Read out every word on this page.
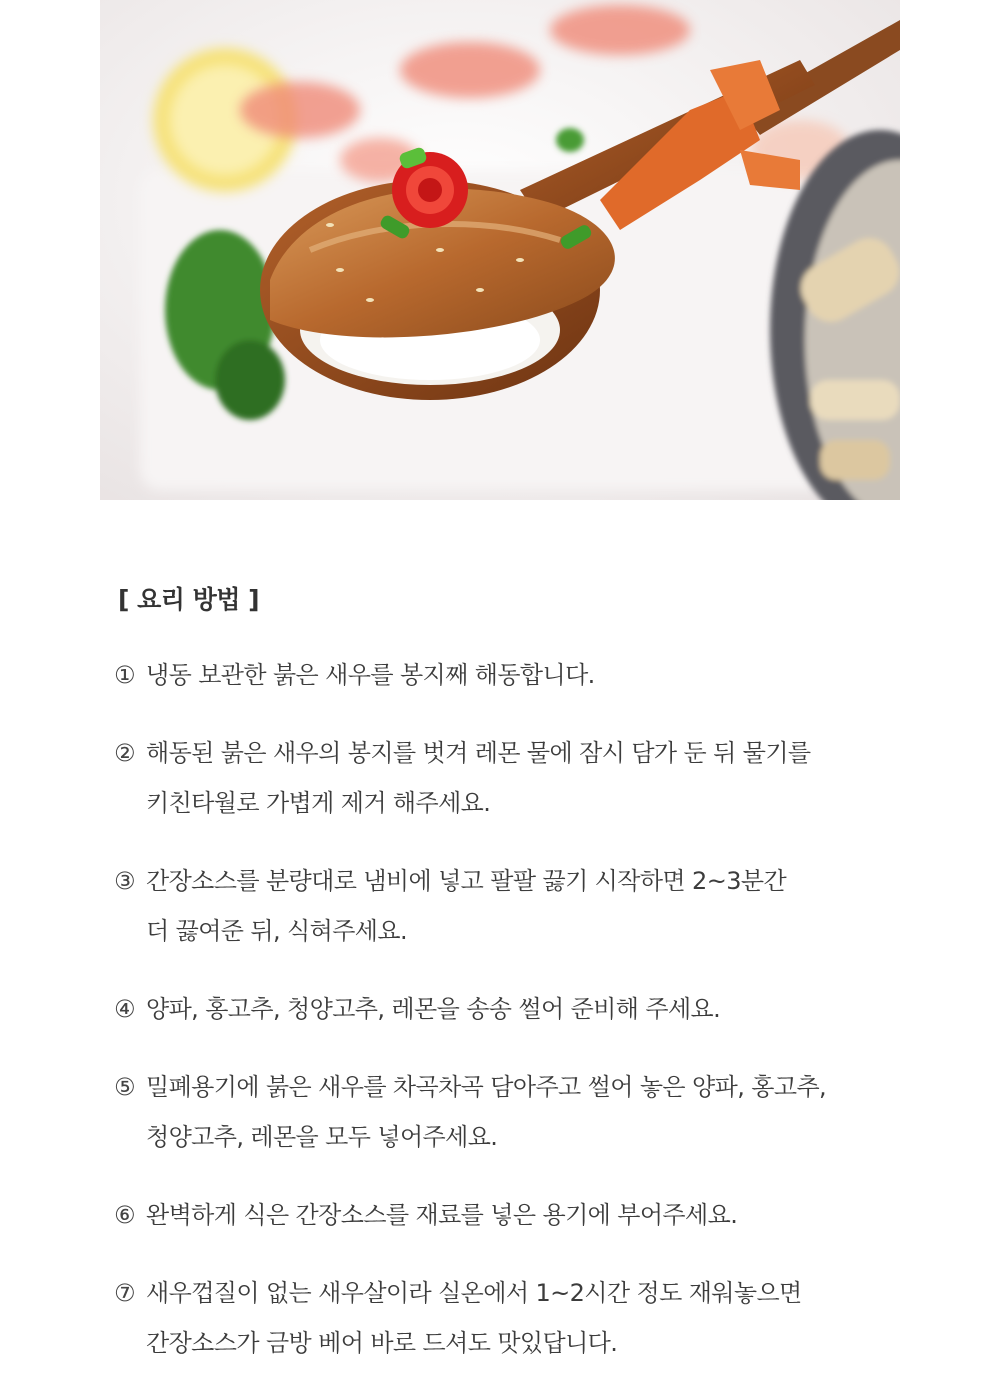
[ 요리 방법 ]
① 냉동 보관한 붉은 새우를 봉지째 해동합니다.
② 해동된 붉은 새우의 봉지를 벗겨 레몬 물에 잠시 담가 둔 뒤 물기를
키친타월로 가볍게 제거 해주세요.
③ 간장소스를 분량대로 냄비에 넣고 팔팔 끓기 시작하면 2~3분간
더 끓여준 뒤, 식혀주세요.
④ 양파, 홍고추, 청양고추, 레몬을 송송 썰어 준비해 주세요.
⑤ 밀폐용기에 붉은 새우를 차곡차곡 담아주고 썰어 놓은 양파, 홍고추,
청양고추, 레몬을 모두 넣어주세요.
⑥ 완벽하게 식은 간장소스를 재료를 넣은 용기에 부어주세요.
⑦ 새우껍질이 없는 새우살이라 실온에서 1~2시간 정도 재워놓으면
간장소스가 금방 베어 바로 드셔도 맛있답니다.
